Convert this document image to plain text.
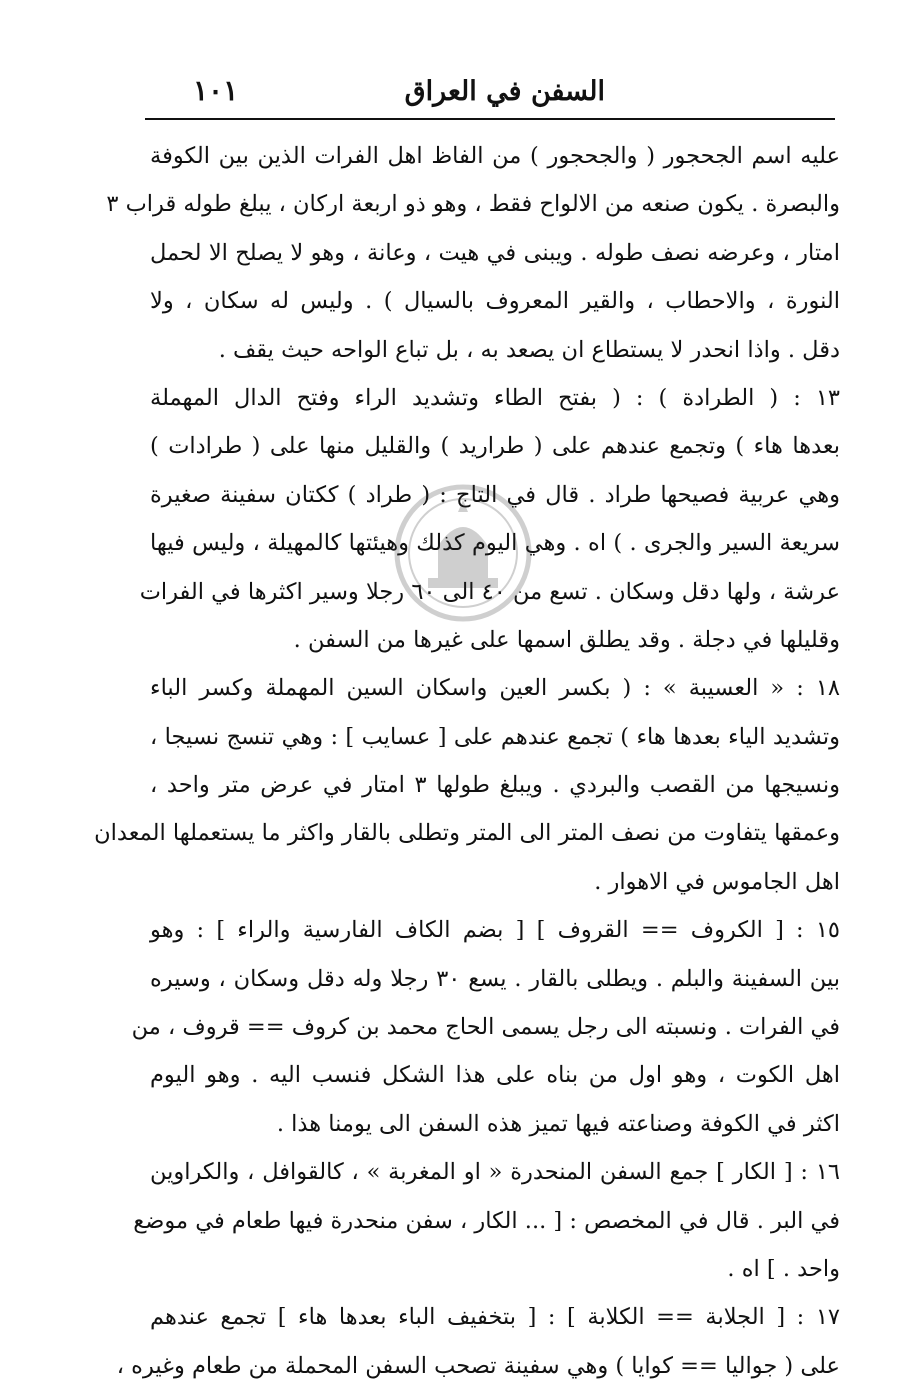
السفن في العراق
١٠١
عليه اسم الجحجور ( والجحجور ) من الفاظ اهل الفرات الذين بين الكوفة
والبصرة . يكون صنعه من الالواح فقط ، وهو ذو اربعة اركان ، يبلغ طوله قراب ٣
امتار ، وعرضه نصف طوله . ويبنى في هيت ، وعانة ، وهو لا يصلح الا لحمل
النورة ، والاحطاب ، والقير المعروف بالسيال ) . وليس له سكان ، ولا
دقل . واذا انحدر لا يستطاع ان يصعد به ، بل تباع الواحه حيث يقف .
١٣ : ( الطرادة ) : ( بفتح الطاء وتشديد الراء وفتح الدال المهملة
بعدها هاء ) وتجمع عندهم على ( طراريد ) والقليل منها على ( طرادات )
وهي عربية فصيحها طراد . قال في التاج : ( طراد ) ككتان سفينة صغيرة
سريعة السير والجرى . ) اه . وهي اليوم كذلك وهيئتها كالمهيلة ، وليس فيها
عرشة ، ولها دقل وسكان . تسع من ٤٠ الى ٦٠ رجلا وسير اكثرها في الفرات
وقليلها في دجلة . وقد يطلق اسمها على غيرها من السفن .
١٨ : « العسيبة » : ( بكسر العين واسكان السين المهملة وكسر الباء
وتشديد الياء بعدها هاء ) تجمع عندهم على [ عسايب ] : وهي تنسج نسيجا ،
ونسيجها من القصب والبردي . ويبلغ طولها ٣ امتار في عرض متر واحد ،
وعمقها يتفاوت من نصف المتر الى المتر وتطلى بالقار واكثر ما يستعملها المعدان
اهل الجاموس في الاهوار .
١٥ : [ الكروف == القروف ] [ بضم الكاف الفارسية والراء ] : وهو
بين السفينة والبلم . ويطلى بالقار . يسع ٣٠ رجلا وله دقل وسكان ، وسيره
في الفرات . ونسبته الى رجل يسمى الحاج محمد بن كروف == قروف ، من
اهل الكوت ، وهو اول من بناه على هذا الشكل فنسب اليه . وهو اليوم
اكثر في الكوفة وصناعته فيها تميز هذه السفن الى يومنا هذا .
١٦ : [ الكار ] جمع السفن المنحدرة « او المغربة » ، كالقوافل ، والكراوين
في البر . قال في المخصص : [ ... الكار ، سفن منحدرة فيها طعام في موضع
واحد . ] اه .
١٧ : [ الجلابة == الكلابة ] : [ بتخفيف الباء بعدها هاء ] تجمع عندهم
على ( جواليا == كوايا ) وهي سفينة تصحب السفن المحملة من طعام وغيره ،
